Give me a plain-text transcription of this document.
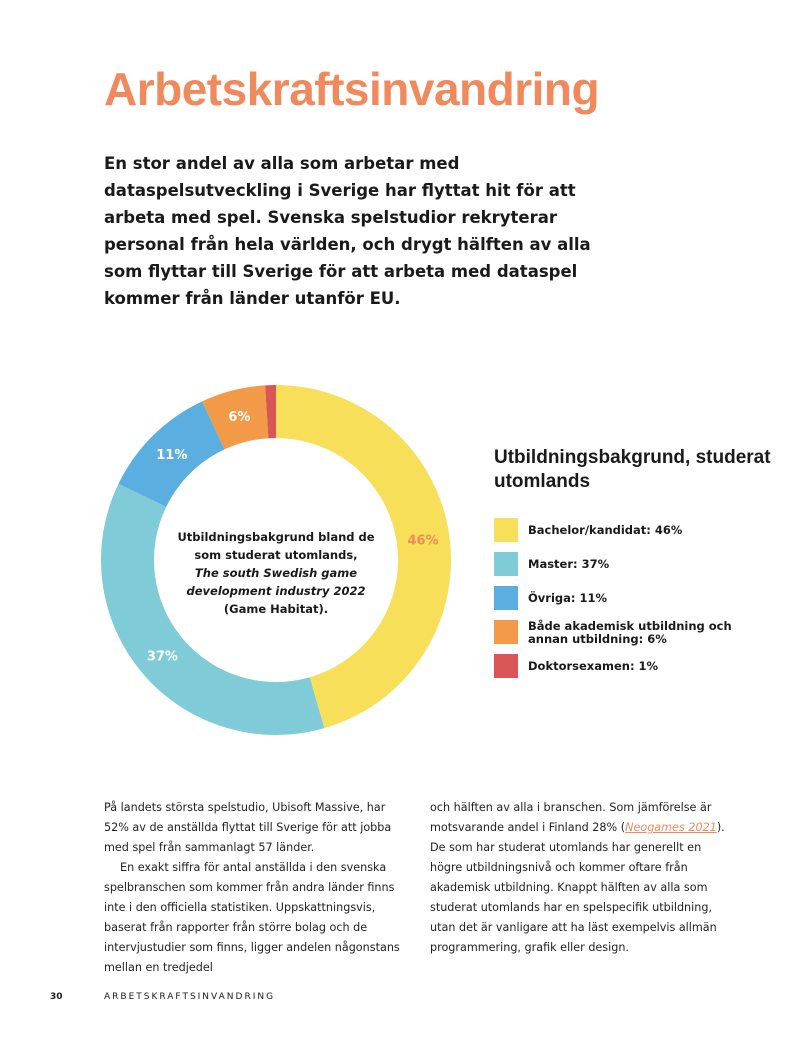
Arbetskraftsinvandring

En stor andel av alla som arbetar med dataspelsutveckling i Sverige har flyttat hit för att arbeta med spel. Svenska spelstudior rekryterar personal från hela världen, och drygt hälften av alla som flyttar till Sverige för att arbeta med dataspel kommer från länder utanför EU.

46%
37%
11%
6%
Utbildningsbakgrund bland de som studerat utomlands,
The south Swedish game development industry 2022
(Game Habitat).
Utbildningsbakgrund, studerat utomlands
Bachelor/kandidat: 46%
Master: 37%
Övriga: 11%
Både akademisk utbildning och annan utbildning: 6%
Doktorsexamen: 1%

På landets största spelstudio, Ubisoft Massive, har 52% av de anställda flyttat till Sverige för att jobba med spel från sammanlagt 57 länder.

En exakt siffra för antal anställda i den svenska spelbranschen som kommer från andra länder finns inte i den officiella statistiken. Uppskattningsvis, baserat från rapporter från större bolag och de intervjustudier som finns, ligger andelen någonstans mellan en tredjedel

och hälften av alla i branschen. Som jämförelse är motsvarande andel i Finland 28% (Neogames 2021). De som har studerat utomlands har generellt en högre utbildningsnivå och kommer oftare från akademisk utbildning. Knappt hälften av alla som studerat utomlands har en spelspecifik utbildning, utan det är vanligare att ha läst exempelvis allmän programmering, grafik eller design.

30	ARBETSKRAFTSINVANDRING
